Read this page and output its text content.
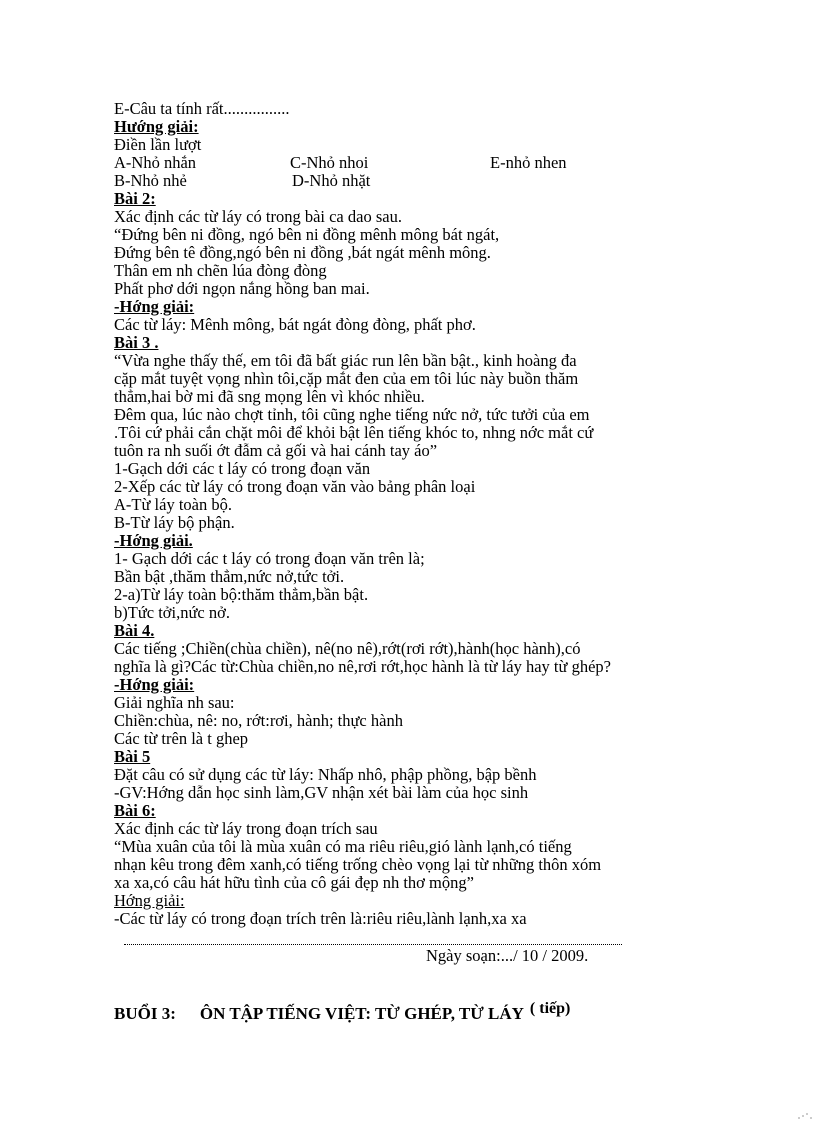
E-Câu ta tính rất................
Hướng giải:
Điền lần lượt
A-Nhỏ nhắn	C-Nhỏ nhoi	E-nhỏ nhen
B-Nhỏ nhẻ	D-Nhỏ nhặt
Bài 2:
Xác định các từ láy có trong bài ca dao sau.
“Đứng bên ni đồng, ngó bên ni đồng mênh mông bát ngát,
Đứng bên tê đồng,ngó bên ni đồng ,bát ngát mênh mông.
Thân em nh chẽn lúa đòng đòng
Phất phơ dới ngọn nắng hồng ban mai.
-Hớng giải:
Các từ láy: Mênh mông, bát ngát đòng đòng, phất phơ.
Bài 3 .
“Vừa nghe thấy thế, em tôi đã bất giác run lên bần bật., kinh hoàng đa
cặp mắt tuyệt vọng nhìn tôi,cặp mắt đen của em tôi lúc này buồn thăm
thẳm,hai bờ mi đã sng mọng lên vì khóc nhiều.
Đêm qua, lúc nào chợt tỉnh, tôi cũng nghe tiếng nức nở, tức tưởi của em
.Tôi cứ phải cắn chặt môi để khỏi bật lên tiếng khóc to, nhng nớc mắt cứ
tuôn ra nh suối ớt đẫm cả gối và hai cánh tay áo”
1-Gạch dới các t láy có trong đoạn văn
2-Xếp các từ láy có trong đoạn văn vào bảng phân loại
A-Từ láy toàn bộ.
B-Từ láy bộ phận.
-Hớng giải.
1- Gạch dới các t láy có trong đoạn văn trên là;
Bần bật ,thăm thẳm,nức nở,tức tởi.
2-a)Từ láy toàn bộ:thăm thẳm,bần bật.
b)Tức tởi,nức nở.
Bài 4.
Các tiếng ;Chiền(chùa chiền), nê(no nê),rớt(rơi rớt),hành(học hành),có
nghĩa là gì?Các từ:Chùa chiền,no nê,rơi rớt,học hành là từ láy hay từ ghép?
-Hớng giải:
Giải nghĩa nh sau:
Chiền:chùa, nê: no, rớt:rơi, hành; thực hành
Các từ trên là t ghep
Bài 5
Đặt câu có sử dụng các từ láy: Nhấp nhô, phập phồng, bập bềnh
-GV:Hớng dẫn học sinh làm,GV nhận xét bài làm của học sinh
Bài 6:
Xác định các từ láy trong đoạn trích sau
“Mùa xuân của tôi là mùa xuân có ma riêu riêu,gió lành lạnh,có tiếng
nhạn kêu trong đêm xanh,có tiếng trống chèo vọng lại từ những thôn xóm
xa xa,có câu hát hữu tình của cô gái đẹp nh thơ mộng”
Hớng giải:
-Các từ láy có trong đoạn trích trên là:riêu riêu,lành lạnh,xa xa
Ngày soạn:.../ 10 / 2009.
BUỔI 3: ÔN TẬP TIẾNG VIỆT: TỪ GHÉP, TỪ LÁY ( tiếp)
